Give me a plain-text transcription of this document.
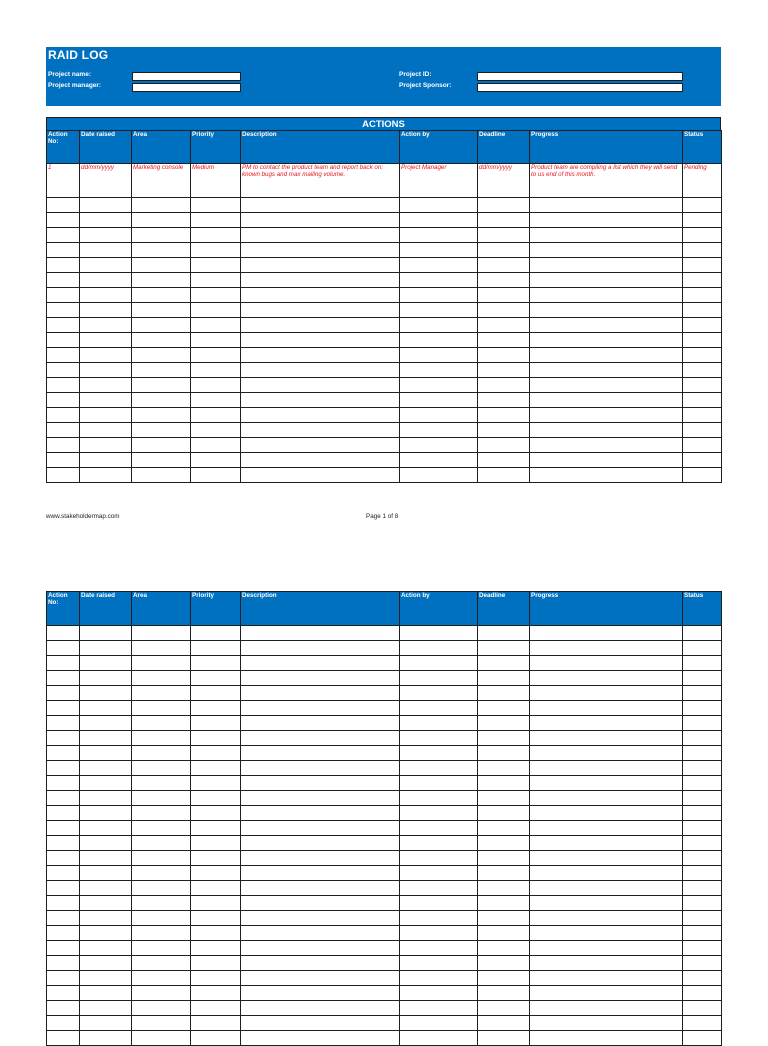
RAID LOG
Project name:
Project manager:
Project ID:
Project Sponsor:
ACTIONS
Action No:	Date raised	Area	Priority	Description	Action by	Deadline	Progress	Status
1	dd/mm/yyyy	Marketing console	Medium	PM to contact the product team and report back on: known bugs and max mailing volume.	Project Manager	dd/mm/yyyy	Product team are compiling a list which they will send to us end of this month.	Pending

www.stakeholdermap.com	Page 1 of 8
Action No:	Date raised	Area	Priority	Description	Action by	Deadline	Progress	Status
